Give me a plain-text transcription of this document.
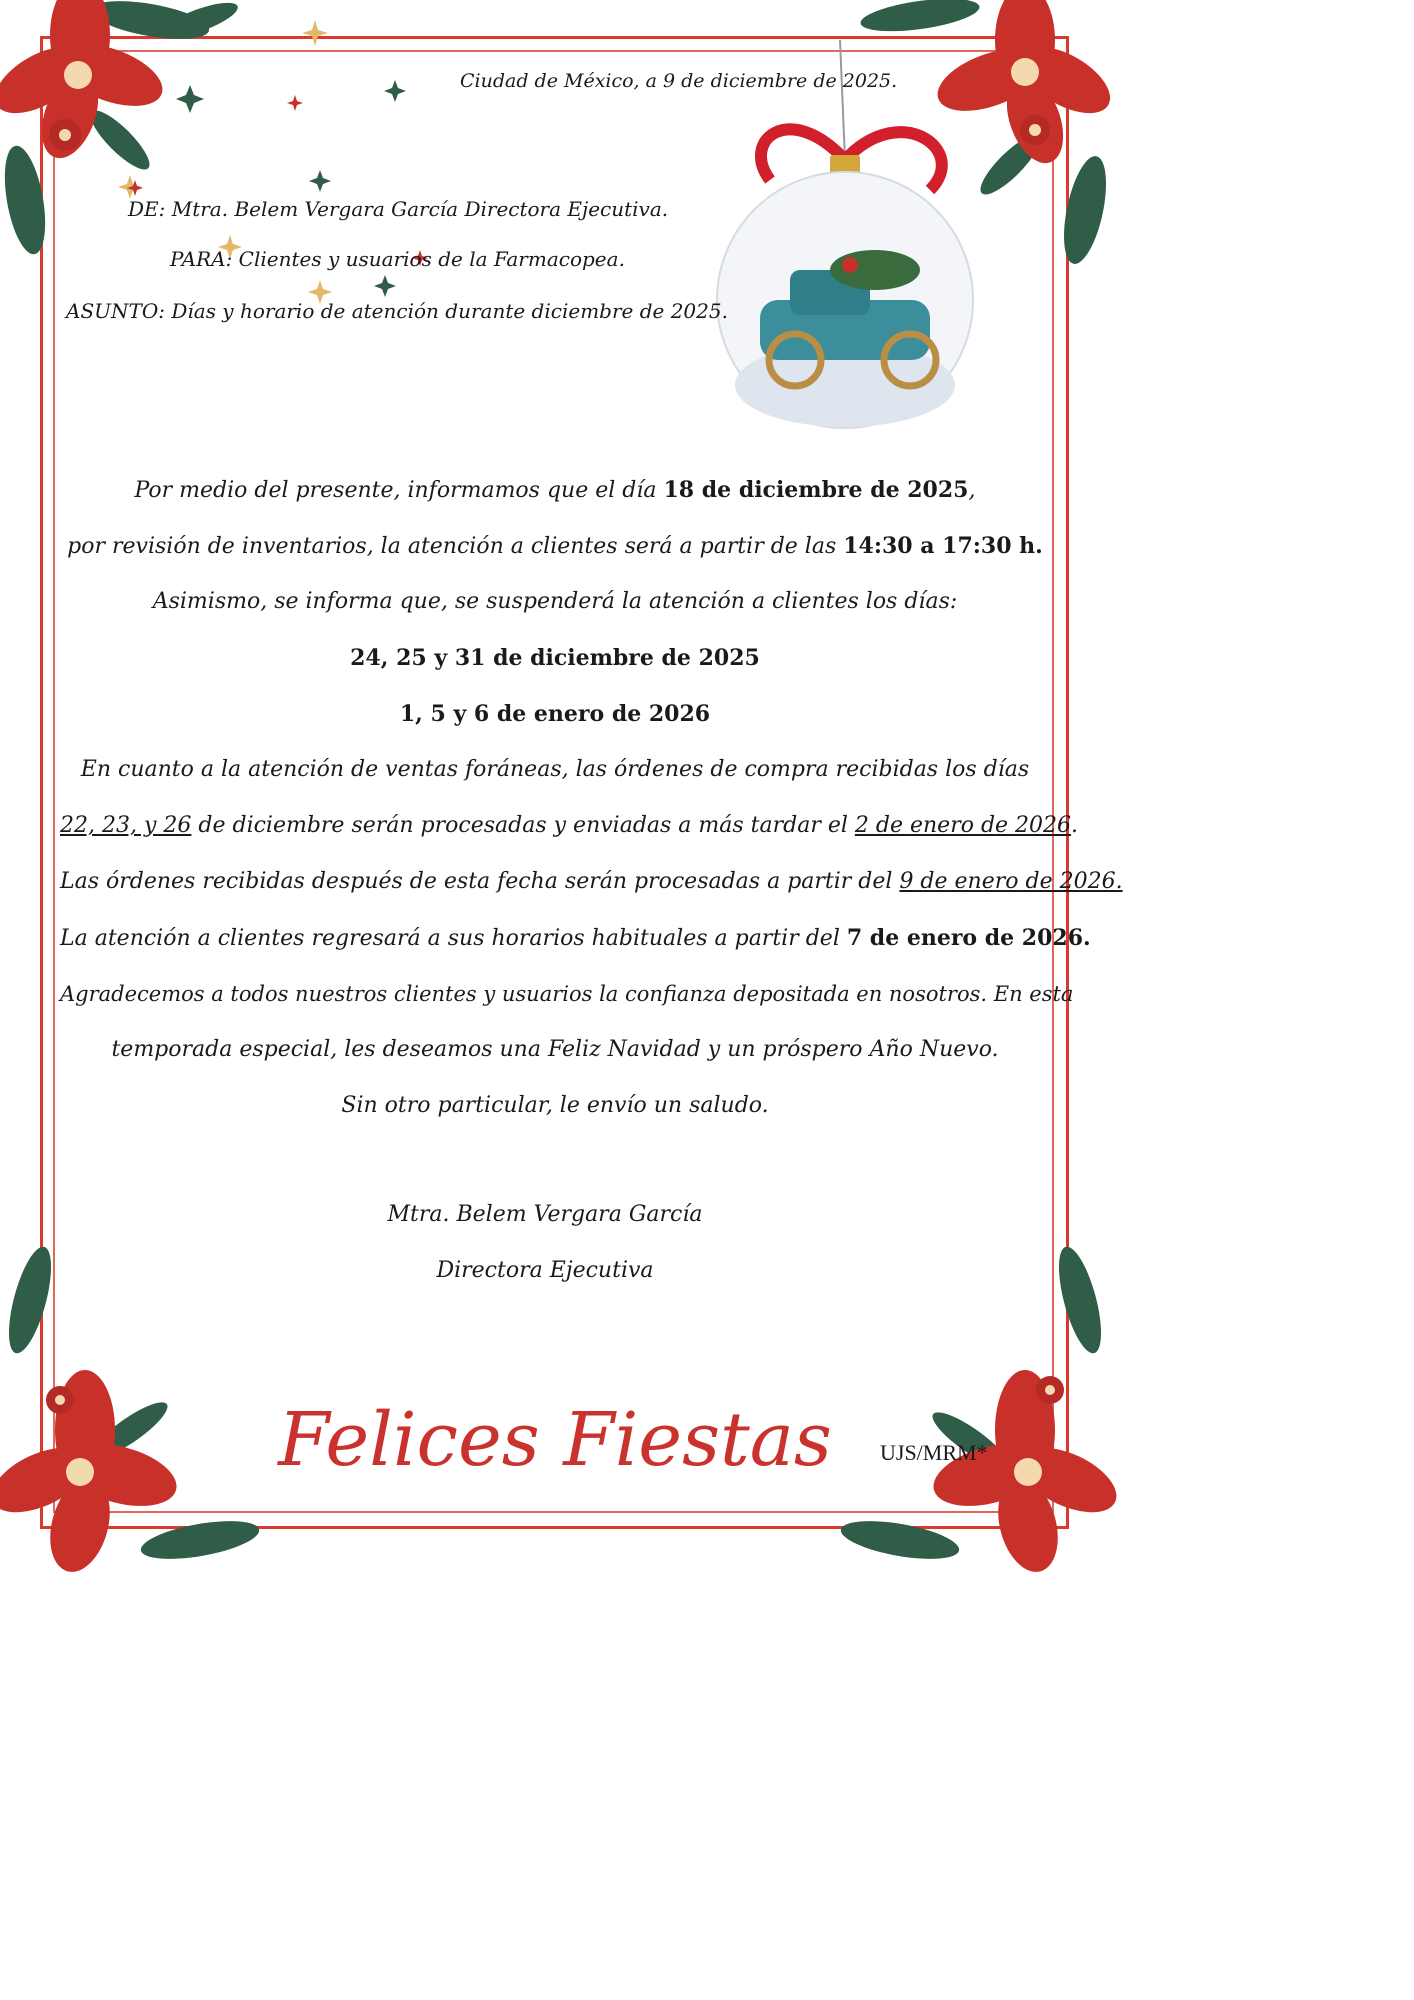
Ciudad de México, a 9 de diciembre de 2025.
DE: Mtra. Belem Vergara García Directora Ejecutiva.
PARA: Clientes y usuarios de la Farmacopea.
ASUNTO: Días y horario de atención durante diciembre de 2025.
Por medio del presente, informamos que el día 18 de diciembre de 2025,
por revisión de inventarios, la atención a clientes será a partir de las 14:30 a 17:30 h.
Asimismo, se informa que, se suspenderá la atención a clientes los días:
24, 25 y 31 de diciembre de 2025
1, 5 y 6 de enero de 2026
En cuanto a la atención de ventas foráneas, las órdenes de compra recibidas los días
22, 23, y 26 de diciembre serán procesadas y enviadas a más tardar el 2 de enero de 2026.
Las órdenes recibidas después de esta fecha serán procesadas a partir del 9 de enero de 2026.
La atención a clientes regresará a sus horarios habituales a partir del 7 de enero de 2026.
Agradecemos a todos nuestros clientes y usuarios la confianza depositada en nosotros. En esta
temporada especial, les deseamos una Feliz Navidad y un próspero Año Nuevo.
Sin otro particular, le envío un saludo.
Mtra. Belem Vergara García
Directora Ejecutiva
Felices Fiestas UJS/MRM*
